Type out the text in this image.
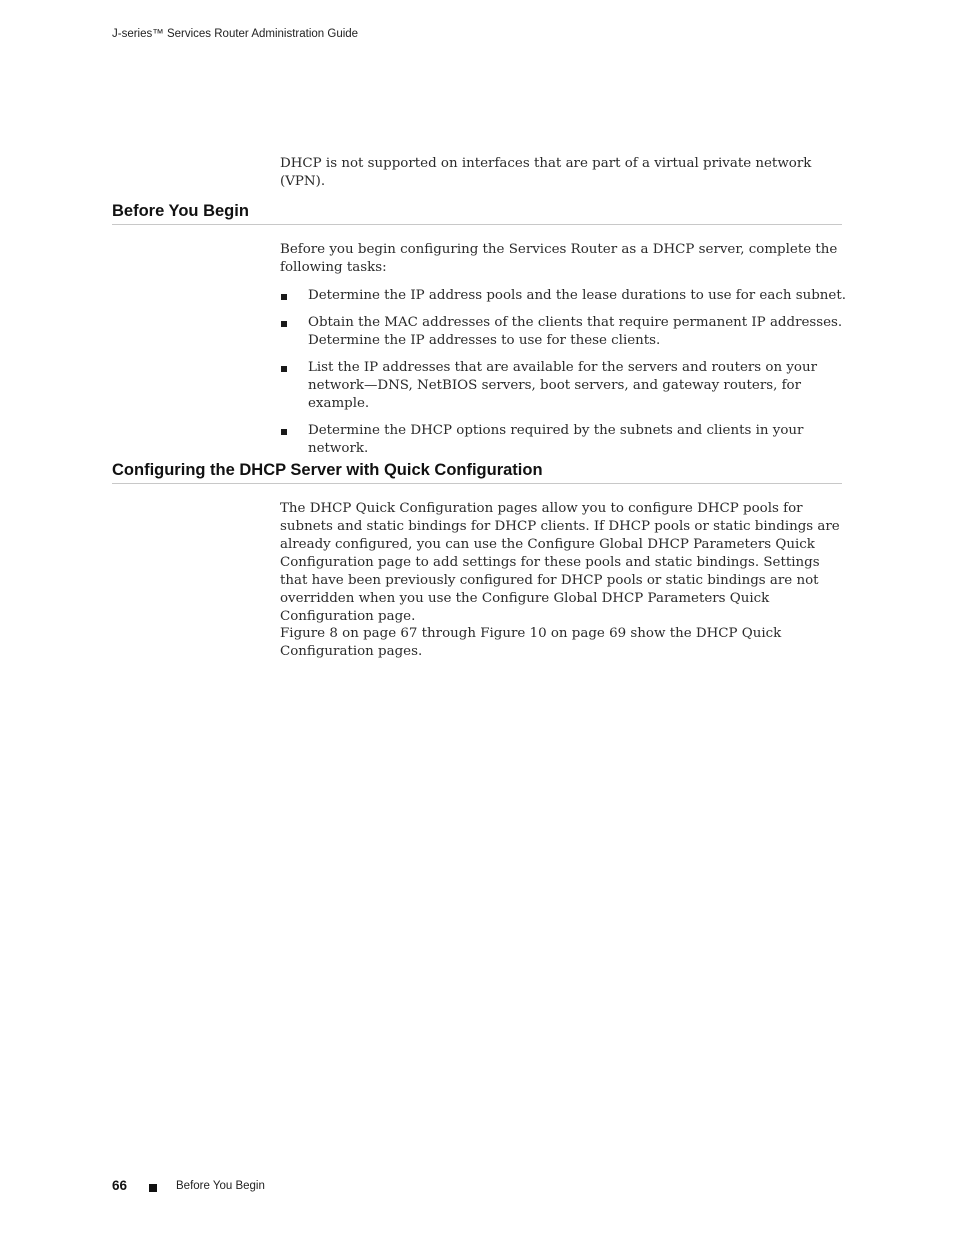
J-series™ Services Router Administration Guide

DHCP is not supported on interfaces that are part of a virtual private network (VPN).

Before You Begin

Before you begin configuring the Services Router as a DHCP server, complete the following tasks:

Determine the IP address pools and the lease durations to use for each subnet.
Obtain the MAC addresses of the clients that require permanent IP addresses. Determine the IP addresses to use for these clients.
List the IP addresses that are available for the servers and routers on your network—DNS, NetBIOS servers, boot servers, and gateway routers, for example.
Determine the DHCP options required by the subnets and clients in your network.
Configuring the DHCP Server with Quick Configuration

The DHCP Quick Configuration pages allow you to configure DHCP pools for subnets and static bindings for DHCP clients. If DHCP pools or static bindings are already configured, you can use the Configure Global DHCP Parameters Quick Configuration page to add settings for these pools and static bindings. Settings that have been previously configured for DHCP pools or static bindings are not overridden when you use the Configure Global DHCP Parameters Quick Configuration page.

Figure 8 on page 67 through Figure 10 on page 69 show the DHCP Quick Configuration pages.

66	Before You Begin
